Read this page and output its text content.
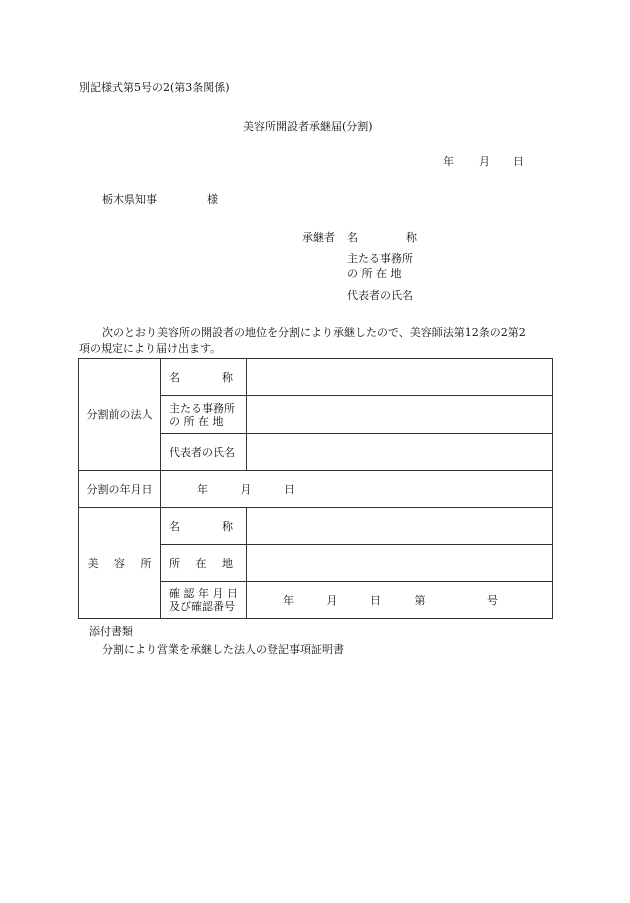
別記様式第5号の2(第3条関係)
美容所開設者承継届(分割)
年 月 日
栃木県知事	様
承継者 名	称
主たる事務所
の 所 在 地
代表者の氏名
次のとおり美容所の開設者の地位を分割により承継したので、美容師法第12条の2第2
項の規定により届け出ます。
分割前の法人	名 称	

	主たる事務所
の 所 在 地	

	代表者の氏名	
分割の年月日	年 月 日	

美 容 所	名 称	

	所 在 地	

	確 認 年 月 日
及び確認番号	年 月 日 第 号
添付書類
分割により営業を承継した法人の登記事項証明書
